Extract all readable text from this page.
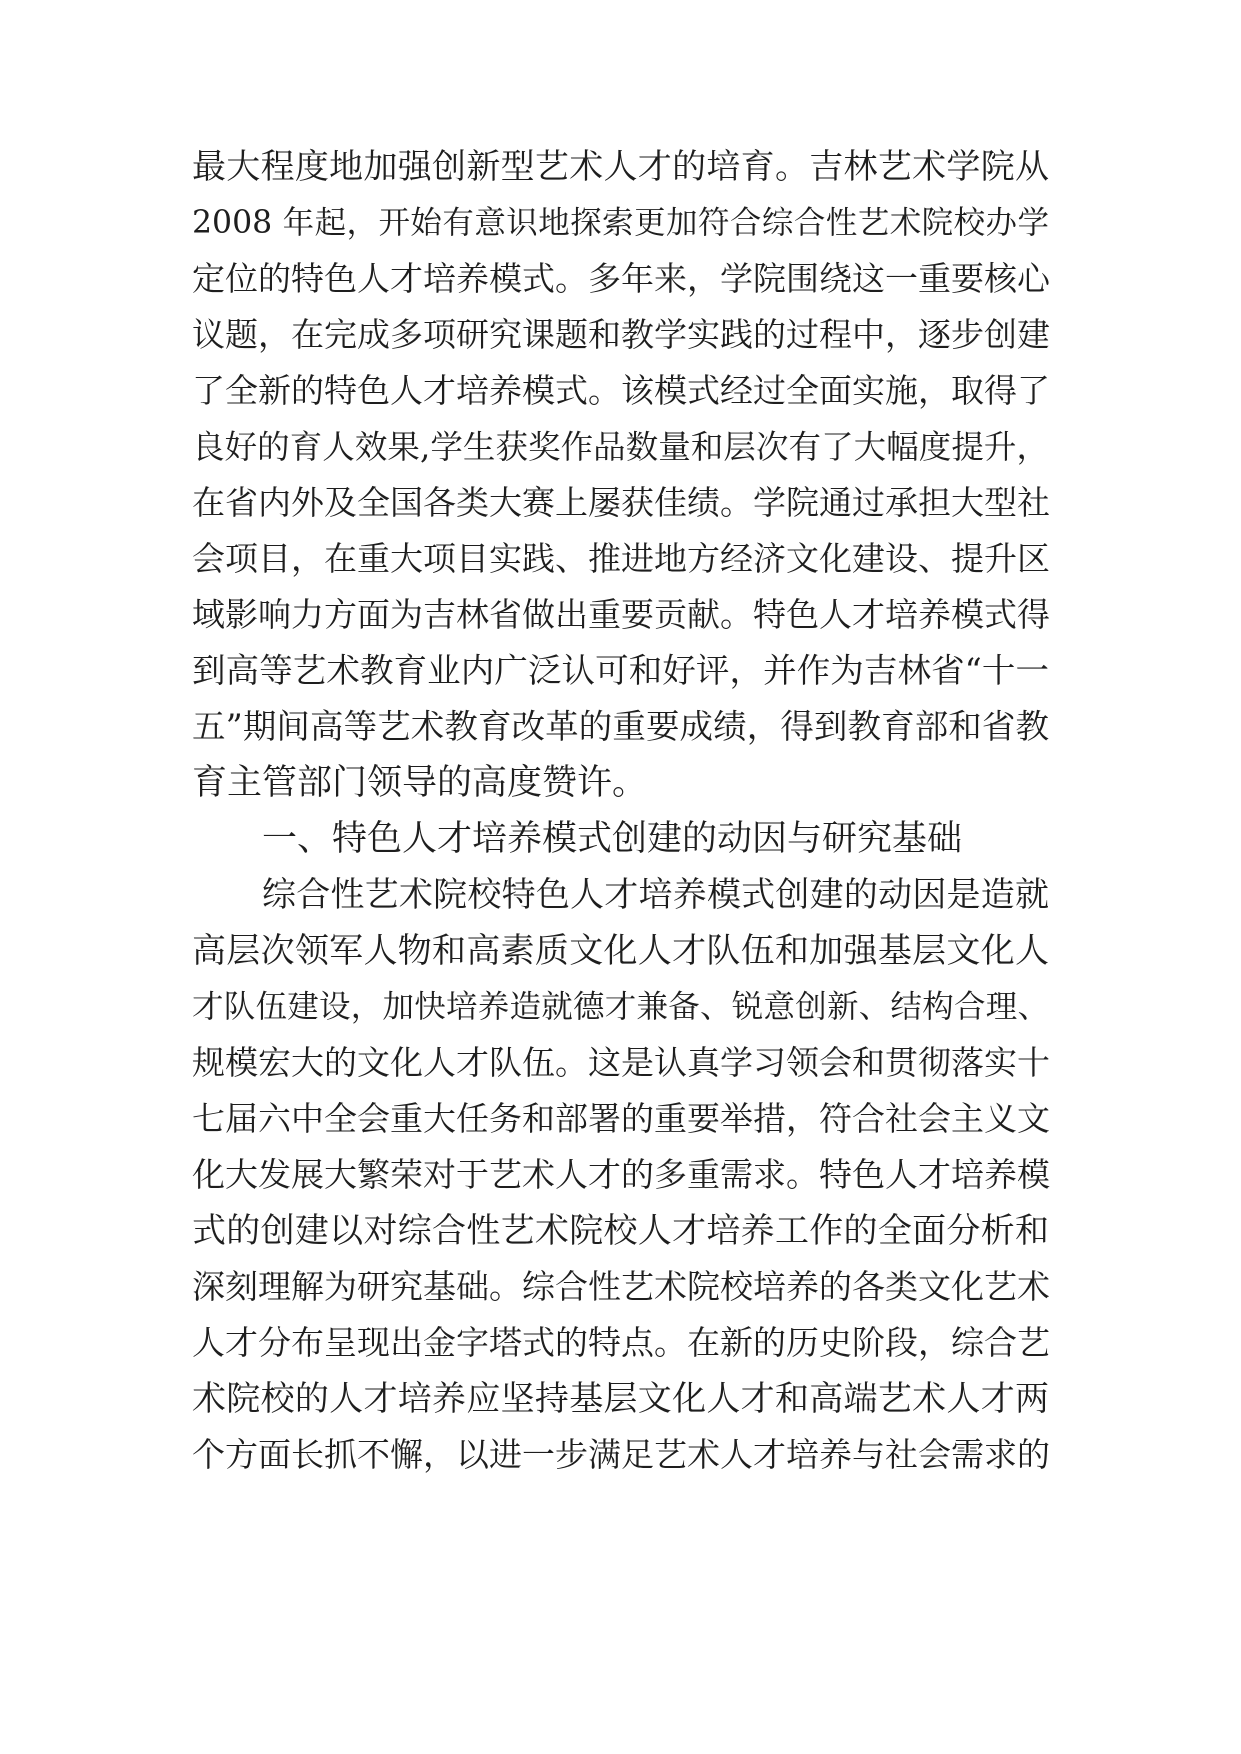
最大程度地加强创新型艺术人才的培育。吉林艺术学院从
2008 年起，开始有意识地探索更加符合综合性艺术院校办学
定位的特色人才培养模式。多年来，学院围绕这一重要核心
议题，在完成多项研究课题和教学实践的过程中，逐步创建
了全新的特色人才培养模式。该模式经过全面实施，取得了
良好的育人效果,学生获奖作品数量和层次有了大幅度提升，
在省内外及全国各类大赛上屡获佳绩。学院通过承担大型社
会项目，在重大项目实践、推进地方经济文化建设、提升区
域影响力方面为吉林省做出重要贡献。特色人才培养模式得
到高等艺术教育业内广泛认可和好评，并作为吉林省“十一
五”期间高等艺术教育改革的重要成绩，得到教育部和省教
育主管部门领导的高度赞许。
一、特色人才培养模式创建的动因与研究基础
综合性艺术院校特色人才培养模式创建的动因是造就
高层次领军人物和高素质文化人才队伍和加强基层文化人
才队伍建设，加快培养造就德才兼备、锐意创新、结构合理、
规模宏大的文化人才队伍。这是认真学习领会和贯彻落实十
七届六中全会重大任务和部署的重要举措，符合社会主义文
化大发展大繁荣对于艺术人才的多重需求。特色人才培养模
式的创建以对综合性艺术院校人才培养工作的全面分析和
深刻理解为研究基础。综合性艺术院校培养的各类文化艺术
人才分布呈现出金字塔式的特点。在新的历史阶段，综合艺
术院校的人才培养应坚持基层文化人才和高端艺术人才两
个方面长抓不懈，以进一步满足艺术人才培养与社会需求的
